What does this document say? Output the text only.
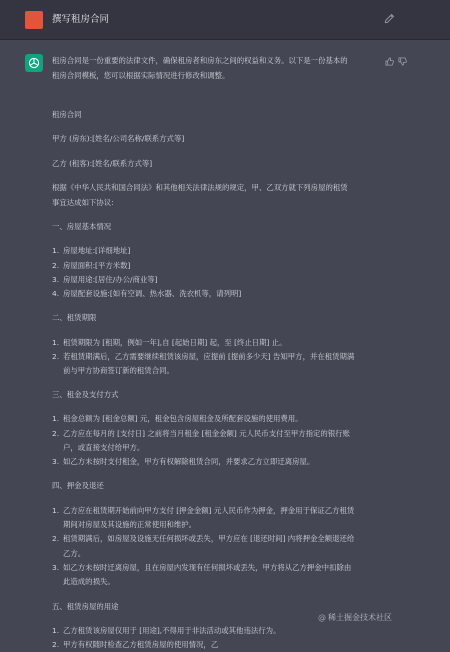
撰写租房合同
租房合同是一份重要的法律文件，确保租房者和房东之间的权益和义务。以下是一份基本的
租房合同模板，您可以根据实际情况进行修改和调整。
租房合同
甲方 (房东):[姓名/公司名称/联系方式等]
乙方 (租客):[姓名/联系方式等]
根据《中华人民共和国合同法》和其他相关法律法规的规定，甲、乙双方就下列房屋的租赁
事宜达成如下协议:
一、房屋基本情况
1. 房屋地址:[详细地址]
2. 房屋面积:[平方米数]
3. 房屋用途:[居住/办公/商业等]
4. 房屋配套设施:[如有空调、热水器、洗衣机等，请列明]
二、租赁期限
1. 租赁期限为 [租期，例如一年],自 [起始日期] 起，至 [终止日期] 止。
2. 若租赁期满后，乙方需要继续租赁该房屋，应提前 [提前多少天] 告知甲方，并在租赁期满
前与甲方协商签订新的租赁合同。
三、租金及支付方式
1. 租金总额为 [租金总额] 元，租金包含房屋租金及所配套设施的使用费用。
2. 乙方应在每月的 [支付日] 之前将当月租金 [租金金额] 元人民币支付至甲方指定的银行账
户，或直接支付给甲方。
3. 如乙方未按时支付租金，甲方有权解除租赁合同，并要求乙方立即迁离房屋。
四、押金及退还
1. 乙方应在租赁期开始前向甲方支付 [押金金额] 元人民币作为押金，押金用于保证乙方租赁
期间对房屋及其设施的正常使用和维护。
2. 租赁期满后，如房屋及设施无任何损坏或丢失，甲方应在 [退还时间] 内将押金全额退还给
乙方。
3. 如乙方未按时迁离房屋，且在房屋内发现有任何损坏或丢失，甲方将从乙方押金中扣除由
此造成的损失。
五、租赁房屋的用途
1. 乙方租赁该房屋仅用于 [用途],不得用于非法活动或其他违法行为。
2. 甲方有权随时检查乙方租赁房屋的使用情况，乙
@ 稀土掘金技术社区
